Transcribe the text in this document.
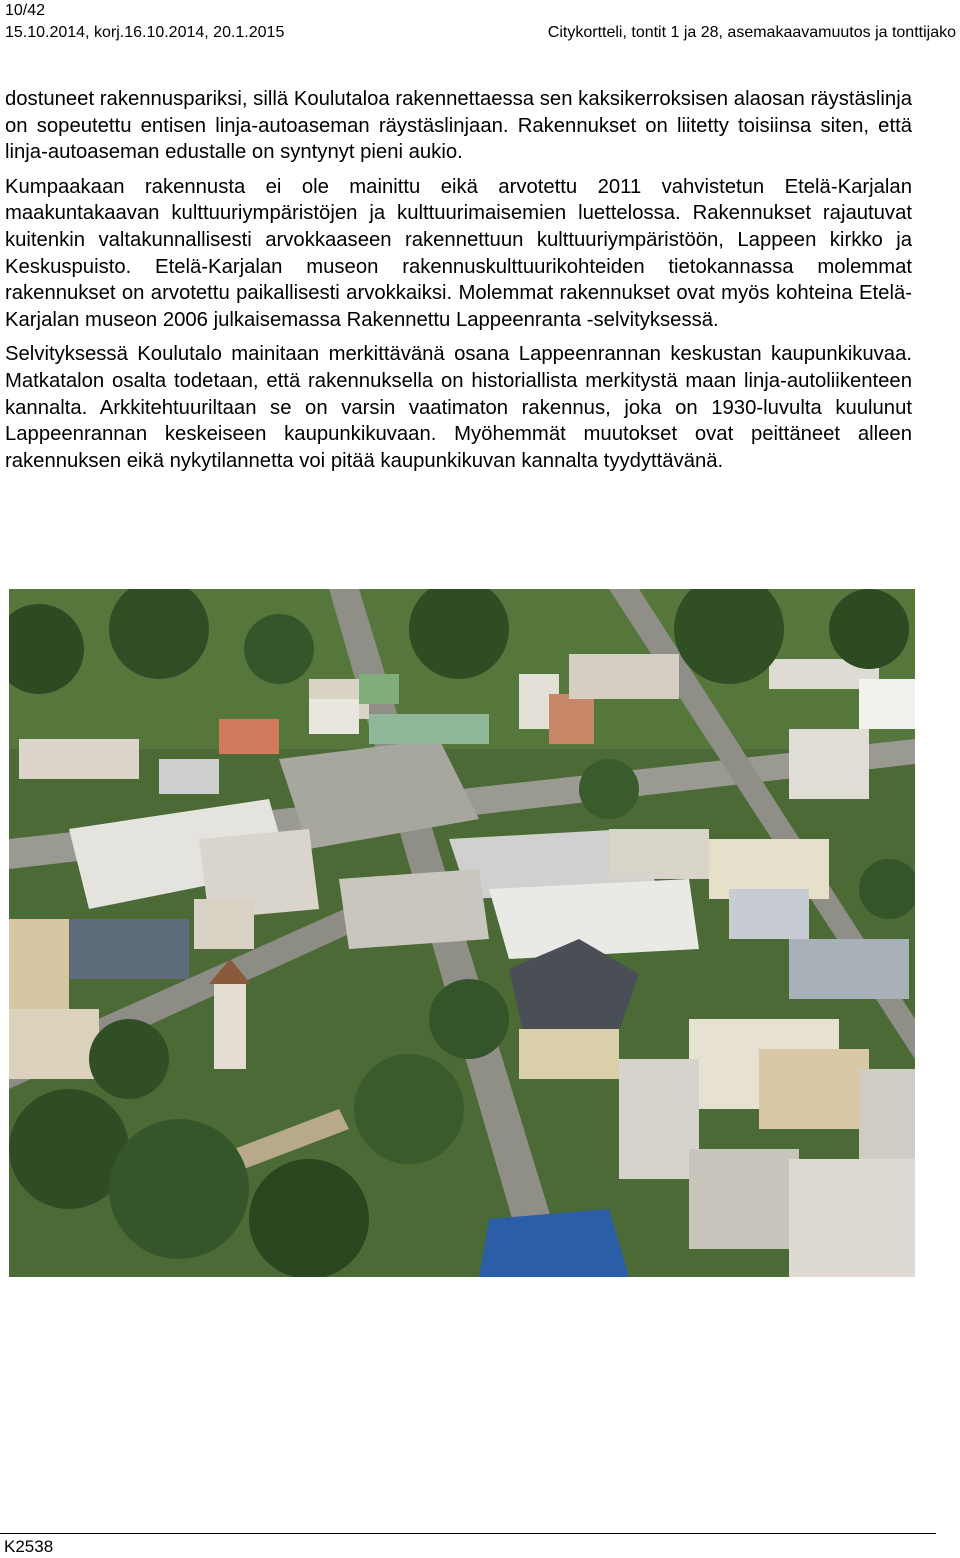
10/42
15.10.2014, korj.16.10.2014, 20.1.2015	Citykortteli, tontit 1 ja 28, asemakaavamuutos ja tonttijako

dostuneet rakennuspariksi, sillä Koulutaloa rakennettaessa sen kaksikerroksisen alaosan räystäslinja on sopeutettu entisen linja-autoaseman räystäslinjaan. Rakennukset on liitetty toisiinsa siten, että linja-autoaseman edustalle on syntynyt pieni aukio.

Kumpaakaan rakennusta ei ole mainittu eikä arvotettu 2011 vahvistetun Etelä-Karjalan maakuntakaavan kulttuuriympäristöjen ja kulttuurimaisemien luettelossa. Rakennukset rajautuvat kuitenkin valtakunnallisesti arvokkaaseen rakennettuun kulttuuriympäristöön, Lappeen kirkko ja Keskuspuisto. Etelä-Karjalan museon rakennuskulttuurikohteiden tietokannassa molemmat rakennukset on arvotettu paikallisesti arvokkaiksi. Molemmat rakennukset ovat myös kohteina Etelä-Karjalan museon 2006 julkaisemassa Rakennettu Lappeenranta -selvityksessä.

Selvityksessä Koulutalo mainitaan merkittävänä osana Lappeenrannan keskustan kaupunkikuvaa. Matkatalon osalta todetaan, että rakennuksella on historiallista merkitystä maan linja-autoliikenteen kannalta. Arkkitehtuuriltaan se on varsin vaatimaton rakennus, joka on 1930-luvulta kuulunut Lappeenrannan keskeiseen kaupunkikuvaan. Myöhemmät muutokset ovat peittäneet alleen rakennuksen eikä nykytilannetta voi pitää kaupunkikuvan kannalta tyydyttävänä.

K2538
